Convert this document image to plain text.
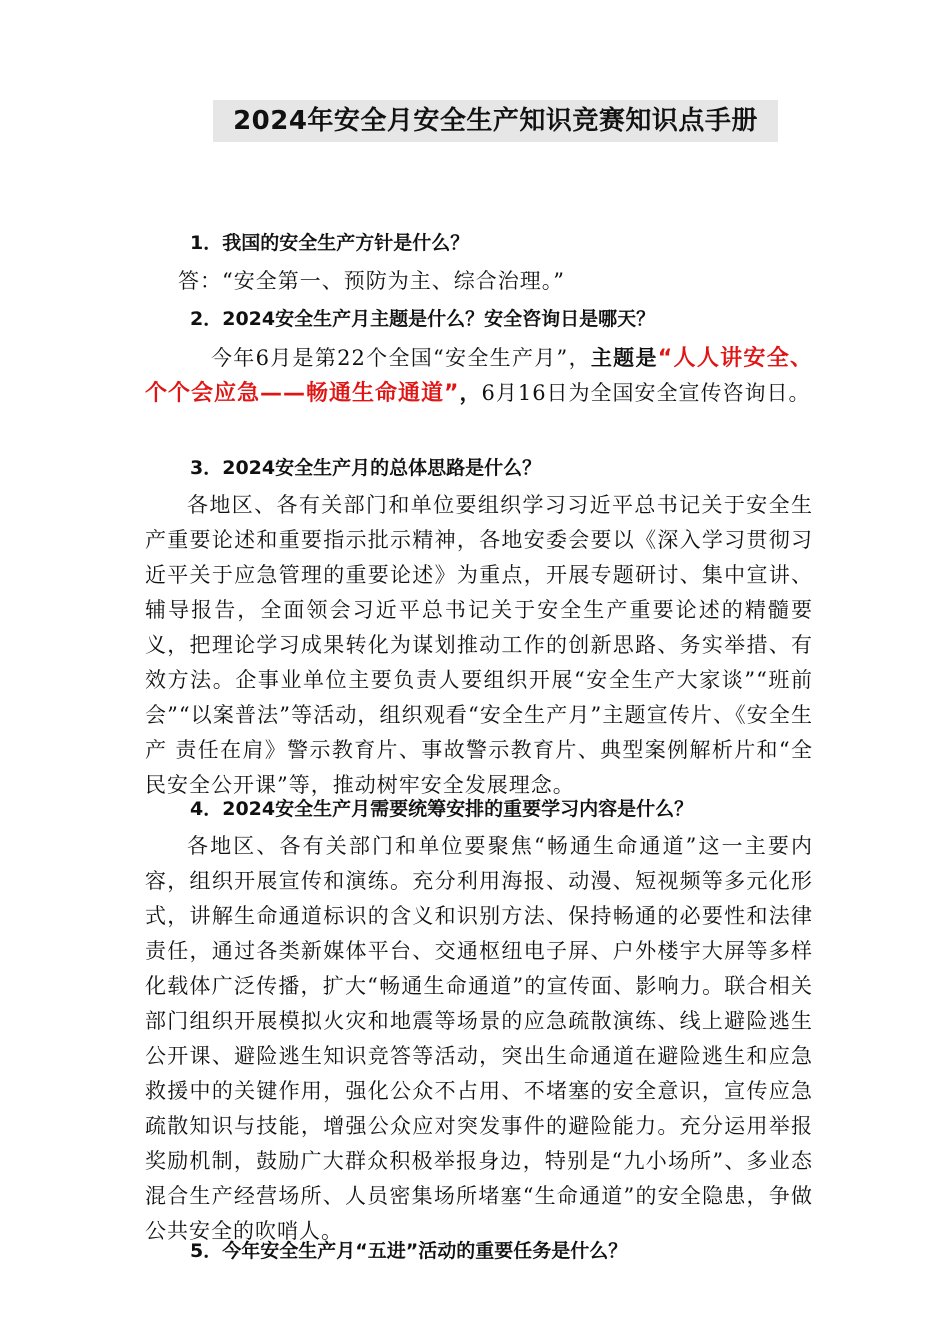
2024年安全月安全生产知识竞赛知识点手册
1．我国的安全生产方针是什么？
答：“安全第一、预防为主、综合治理。”
2．2024安全生产月主题是什么？安全咨询日是哪天？

今年6月是第22个全国“安全生产月”，主题是“人人讲安全、个个会应急——畅通生命通道”，6月16日为全国安全宣传咨询日。

3．2024安全生产月的总体思路是什么？

各地区、各有关部门和单位要组织学习习近平总书记关于安全生产重要论述和重要指示批示精神，各地安委会要以《深入学习贯彻习近平关于应急管理的重要论述》为重点，开展专题研讨、集中宣讲、辅导报告，全面领会习近平总书记关于安全生产重要论述的精髓要义，把理论学习成果转化为谋划推动工作的创新思路、务实举措、有效方法。企事业单位主要负责人要组织开展“安全生产大家谈”“班前会”“以案普法”等活动，组织观看“安全生产月”主题宣传片、《安全生产 责任在肩》警示教育片、事故警示教育片、典型案例解析片和“全民安全公开课”等，推动树牢安全发展理念。

4．2024安全生产月需要统筹安排的重要学习内容是什么？

各地区、各有关部门和单位要聚焦“畅通生命通道”这一主要内容，组织开展宣传和演练。充分利用海报、动漫、短视频等多元化形式，讲解生命通道标识的含义和识别方法、保持畅通的必要性和法律责任，通过各类新媒体平台、交通枢纽电子屏、户外楼宇大屏等多样化载体广泛传播，扩大“畅通生命通道”的宣传面、影响力。联合相关部门组织开展模拟火灾和地震等场景的应急疏散演练、线上避险逃生公开课、避险逃生知识竞答等活动，突出生命通道在避险逃生和应急救援中的关键作用，强化公众不占用、不堵塞的安全意识，宣传应急疏散知识与技能，增强公众应对突发事件的避险能力。充分运用举报奖励机制，鼓励广大群众积极举报身边，特别是“九小场所”、多业态混合生产经营场所、人员密集场所堵塞“生命通道”的安全隐患，争做公共安全的吹哨人。

5．今年安全生产月“五进”活动的重要任务是什么？
